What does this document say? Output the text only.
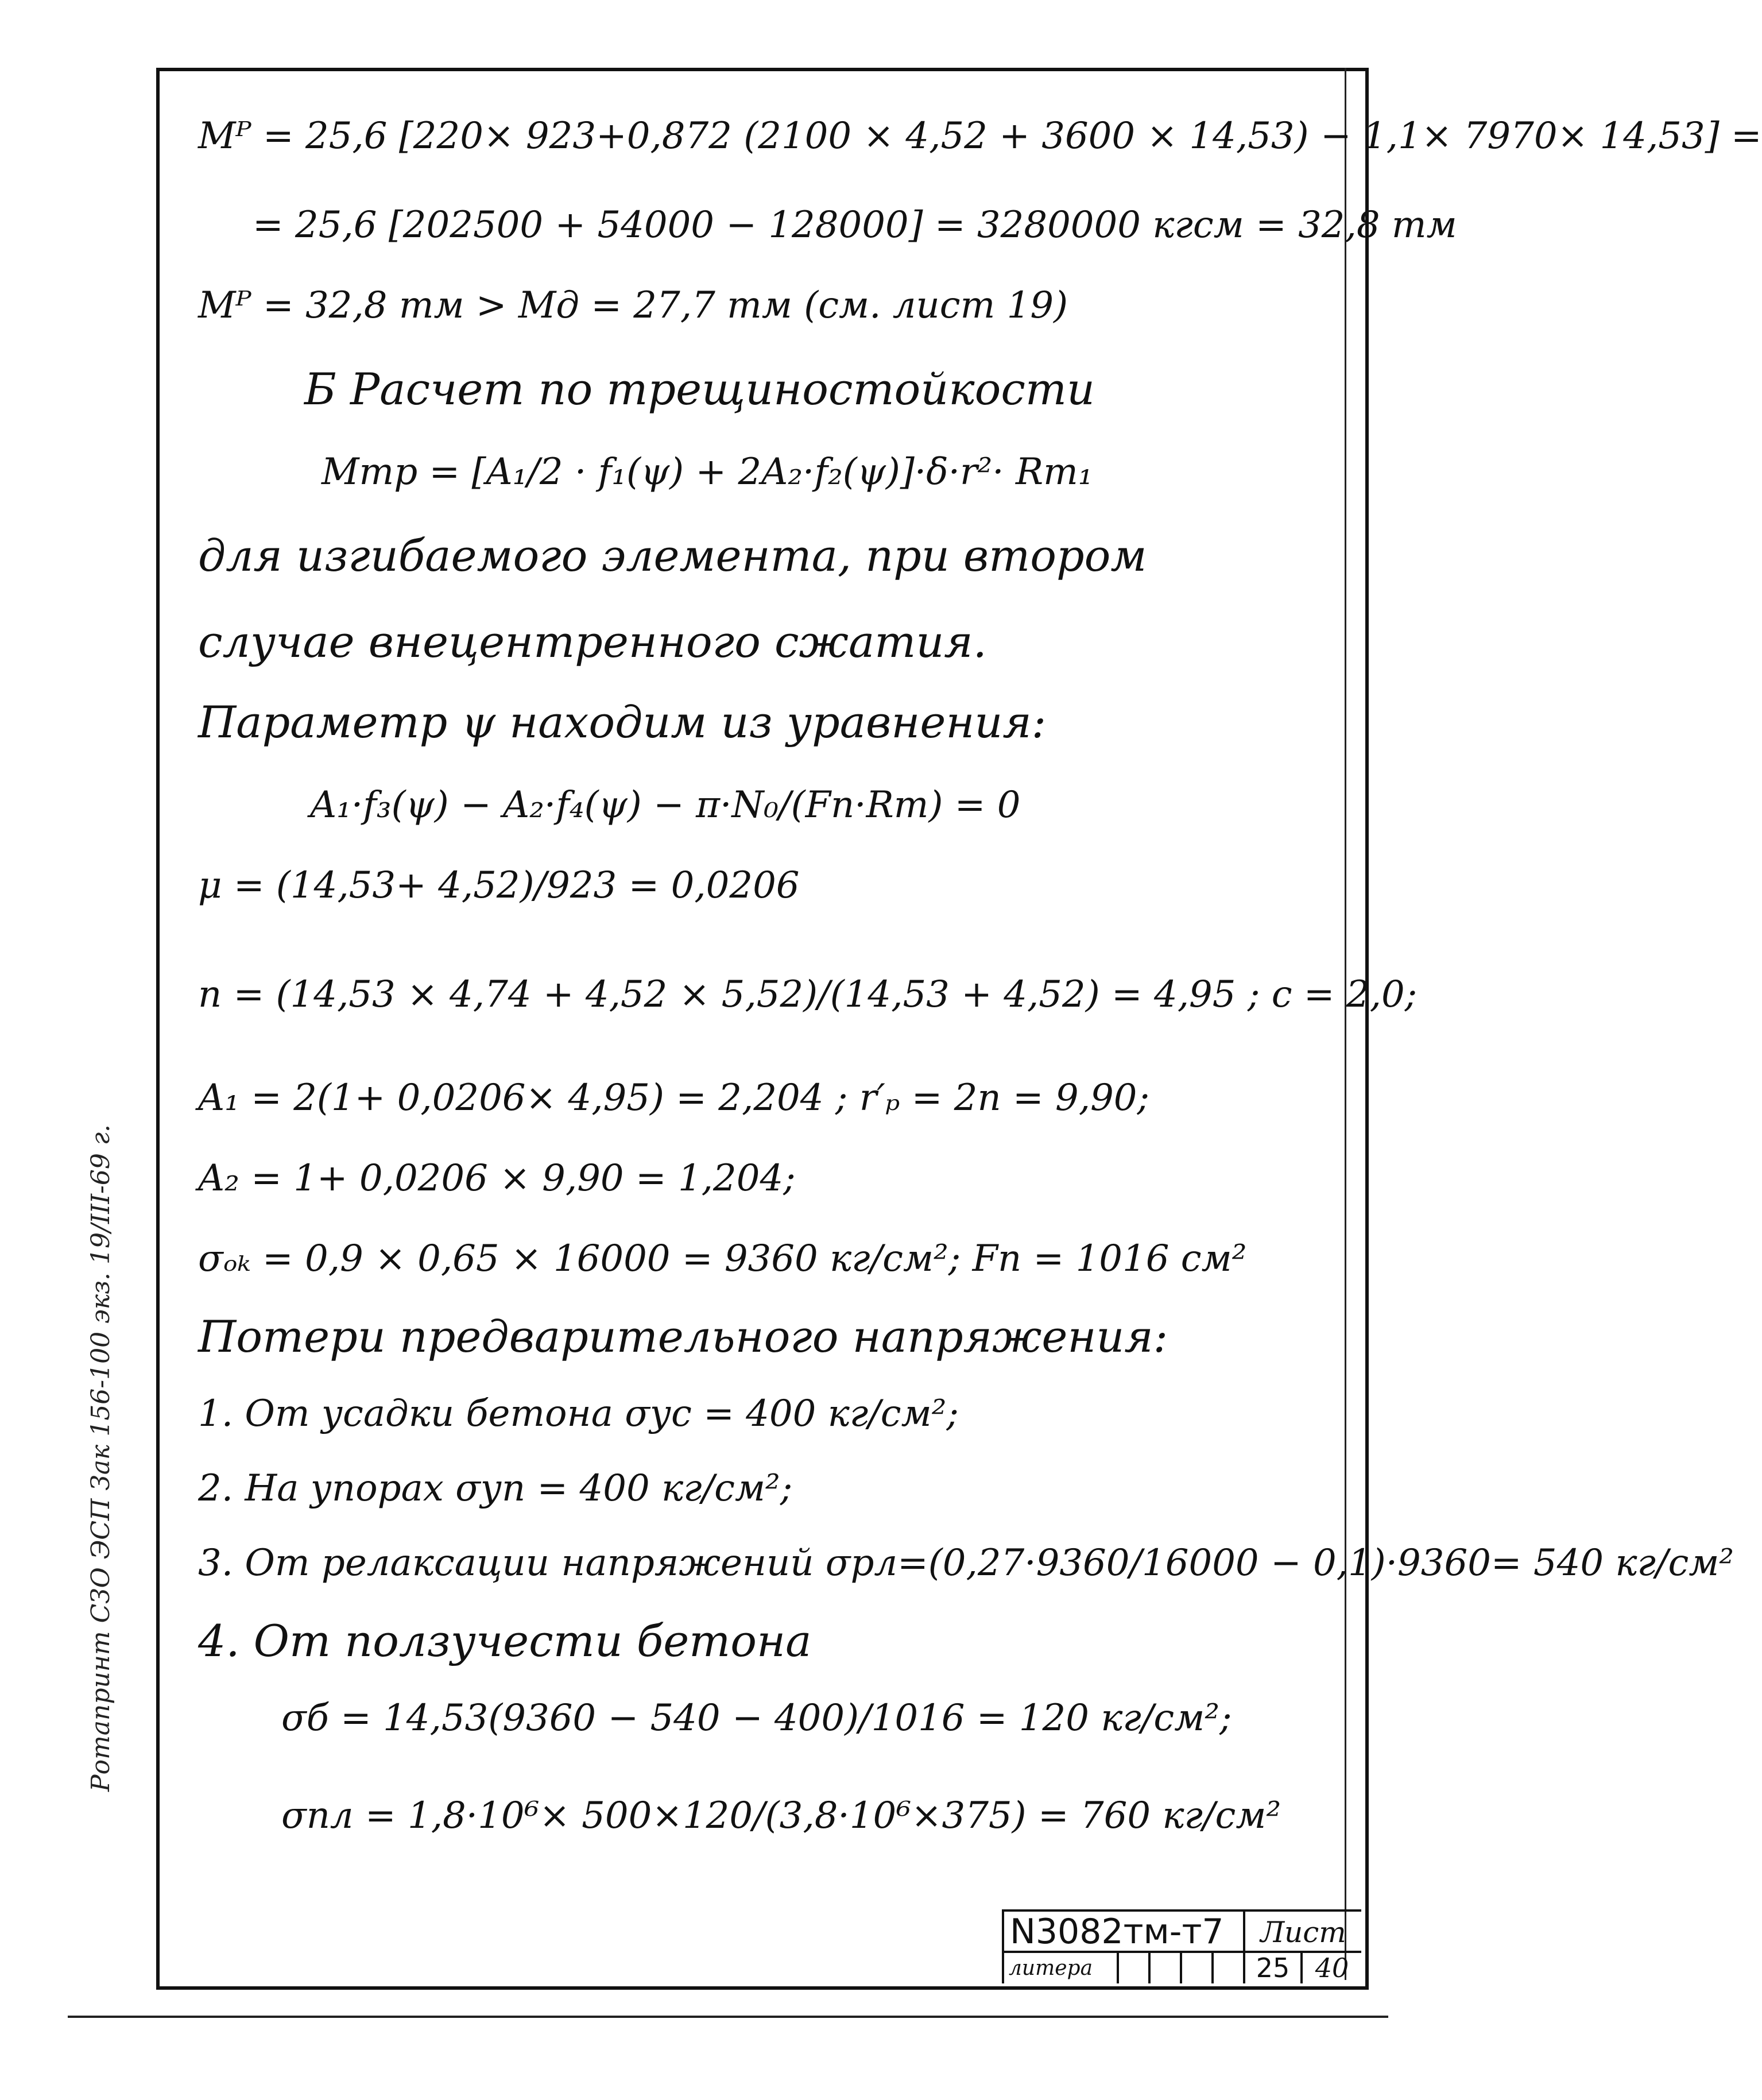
Mᴾ = 25,6 [220× 923+0,872 (2100 × 4,52 + 3600 × 14,53) − 1,1× 7970× 14,53] =
= 25,6 [202500 + 54000 − 128000] = 3280000 кгсм = 32,8 тм
Mᴾ = 32,8 тм > Mд = 27,7 тм (см. лист 19)
Б Расчет по трещиностойкости
Mтр = [A₁/2 · f₁(ψ) + 2A₂·f₂(ψ)]·δ·r²· Rт₁
для изгибаемого элемента, при втором
случае внецентренного сжатия.
Параметр ψ находим из уравнения:
A₁·f₃(ψ) − A₂·f₄(ψ) − π·N₀/(Fп·Rт) = 0
μ = (14,53+ 4,52)/923 = 0,0206
n = (14,53 × 4,74 + 4,52 × 5,52)/(14,53 + 4,52) = 4,95 ; c = 2,0;
A₁ = 2(1+ 0,0206× 4,95) = 2,204 ; r′ₚ = 2n = 9,90;
A₂ = 1+ 0,0206 × 9,90 = 1,204;
σₒₖ = 0,9 × 0,65 × 16000 = 9360 кг/см²; Fп = 1016 см²
Потери предварительного напряжения:
1. От усадки бетона σус = 400 кг/см²;
2. На упорах σуп = 400 кг/см²;
3. От релаксации напряжений σрл=(0,27·9360/16000 − 0,1)·9360= 540 кг/см²
4. От ползучести бетона
σб = 14,53(9360 − 540 − 400)/1016 = 120 кг/см²;
σпл = 1,8·10⁶× 500×120/(3,8·10⁶×375) = 760 кг/см²
Ротапринт СЗО ЭСП Зак 156-100 экз. 19/III-69 г.
N3082тм-т7	Лист
литера	25 40
